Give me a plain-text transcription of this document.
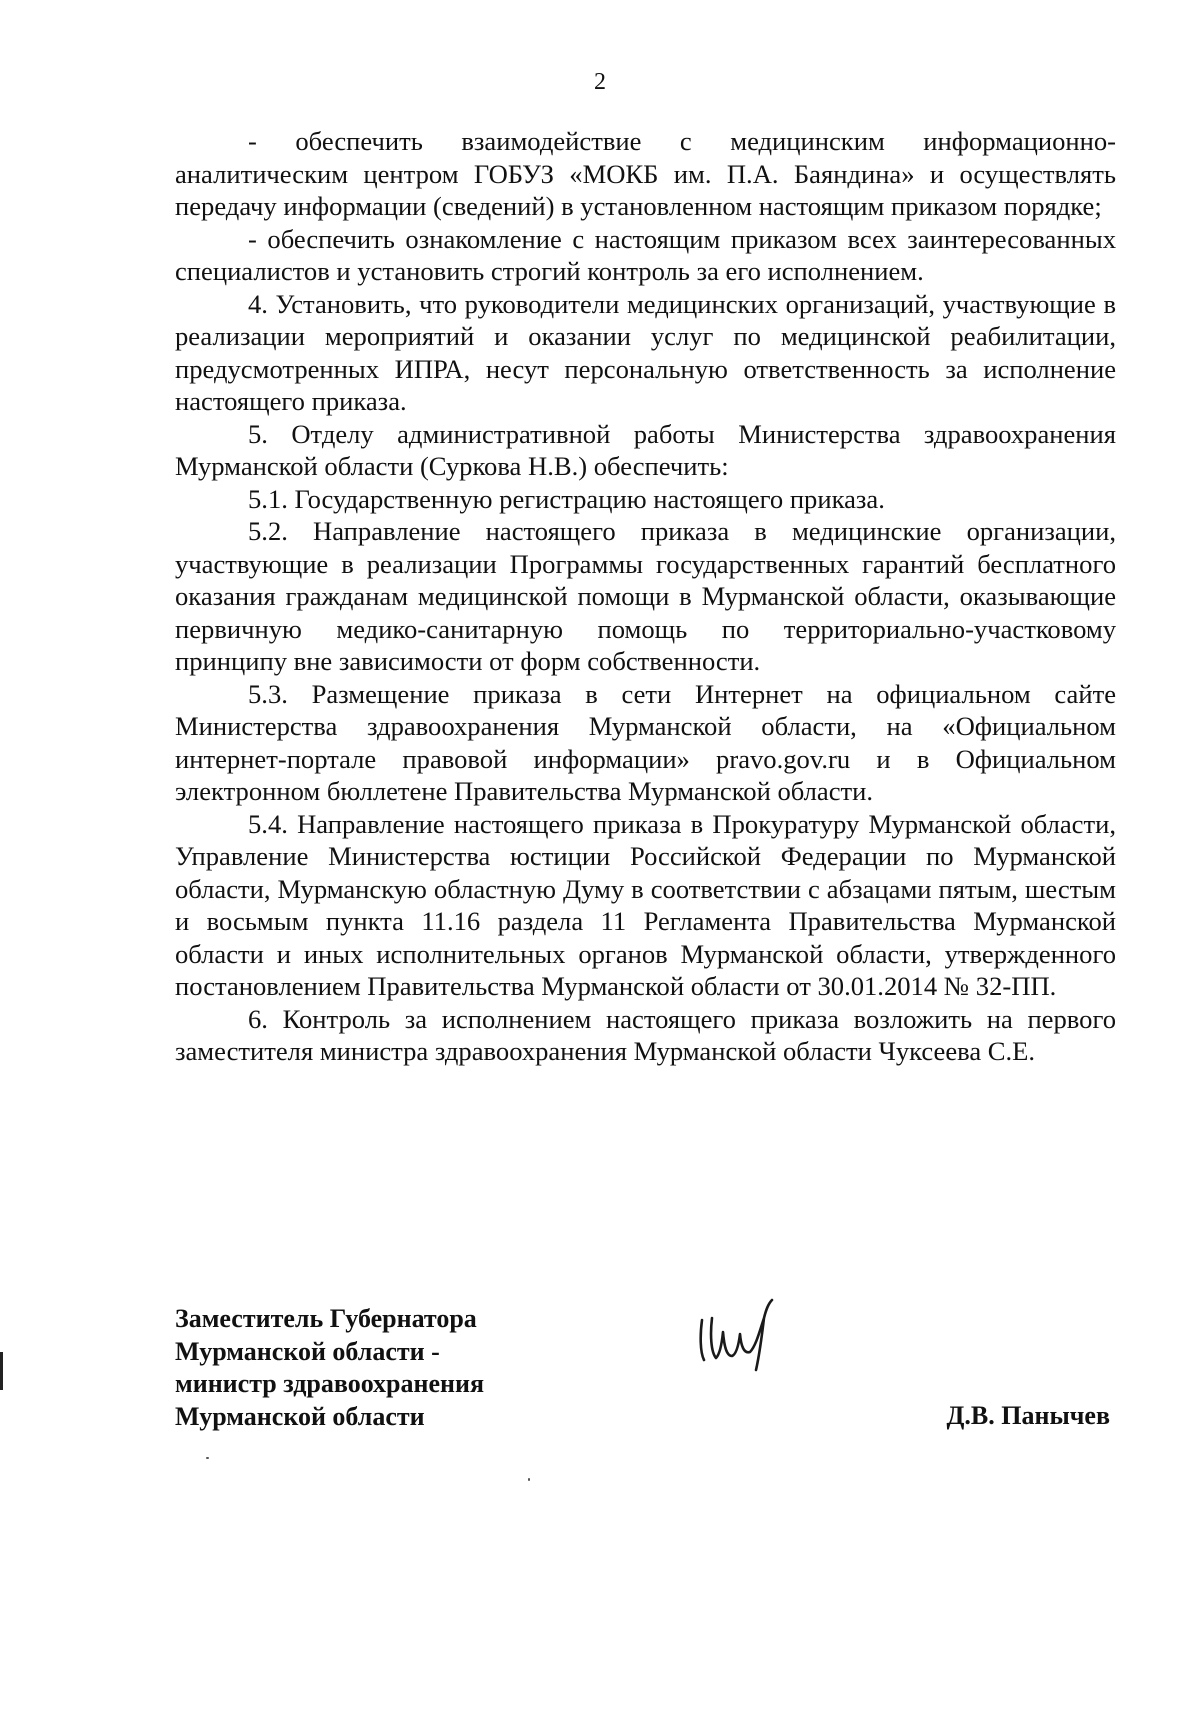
2

- обеспечить взаимодействие с медицинским информационно-аналитическим центром ГОБУЗ «МОКБ им. П.А. Баяндина» и осуществлять передачу информации (сведений) в установленном настоящим приказом порядке;

- обеспечить ознакомление с настоящим приказом всех заинтересованных специалистов и установить строгий контроль за его исполнением.

4. Установить, что руководители медицинских организаций, участвующие в реализации мероприятий и оказании услуг по медицинской реабилитации, предусмотренных ИПРА, несут персональную ответственность за исполнение настоящего приказа.

5. Отделу административной работы Министерства здравоохранения Мурманской области (Суркова Н.В.) обеспечить:

5.1. Государственную регистрацию настоящего приказа.

5.2. Направление настоящего приказа в медицинские организации, участвующие в реализации Программы государственных гарантий бесплатного оказания гражданам медицинской помощи в Мурманской области, оказывающие первичную медико-санитарную помощь по территориально-участковому принципу вне зависимости от форм собственности.

5.3. Размещение приказа в сети Интернет на официальном сайте Министерства здравоохранения Мурманской области, на «Официальном интернет-портале правовой информации» pravo.gov.ru и в Официальном электронном бюллетене Правительства Мурманской области.

5.4. Направление настоящего приказа в Прокуратуру Мурманской области, Управление Министерства юстиции Российской Федерации по Мурманской области, Мурманскую областную Думу в соответствии с абзацами пятым, шестым и восьмым пункта 11.16 раздела 11 Регламента Правительства Мурманской области и иных исполнительных органов Мурманской области, утвержденного постановлением Правительства Мурманской области от 30.01.2014 № 32-ПП.

6. Контроль за исполнением настоящего приказа возложить на первого заместителя министра здравоохранения Мурманской области Чуксеева С.Е.

Заместитель Губернатора
Мурманской области -
министр здравоохранения
Мурманской области	Д.В. Панычев
